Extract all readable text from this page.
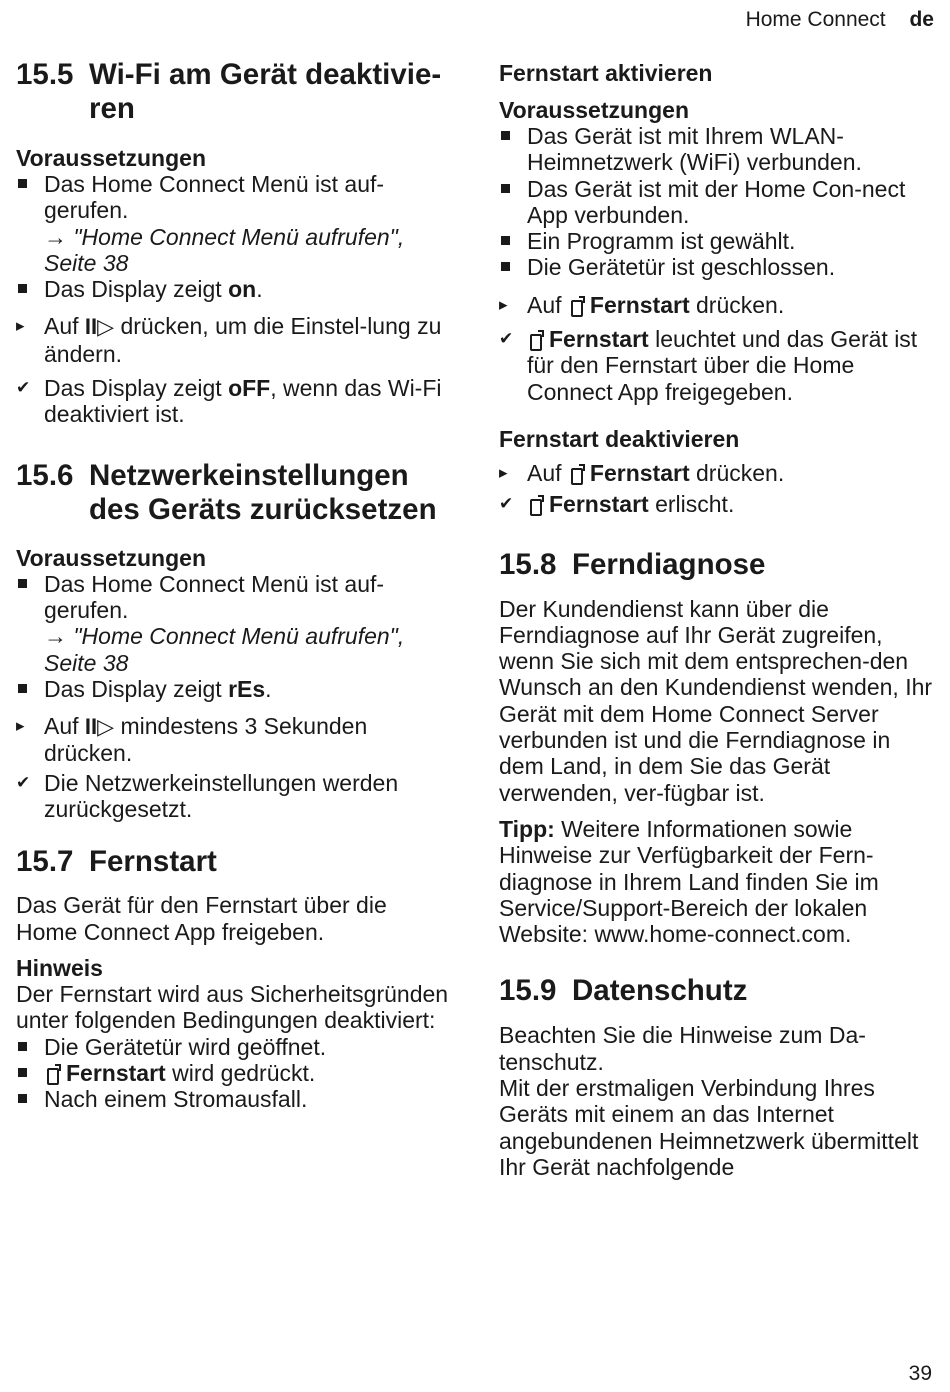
Home Connect de
15.5 Wi-Fi am Gerät deaktivie-ren
Voraussetzungen
Das Home Connect Menü ist auf-gerufen.
→ "Home Connect Menü aufrufen", Seite 38
Das Display zeigt on.
▸ Auf II▷ drücken, um die Einstel-lung zu ändern.
✔ Das Display zeigt oFF, wenn das Wi-Fi deaktiviert ist.
15.6 Netzwerkeinstellungen des Geräts zurücksetzen
Voraussetzungen
Das Home Connect Menü ist auf-gerufen.
→ "Home Connect Menü aufrufen", Seite 38
Das Display zeigt rEs.
▸ Auf II▷ mindestens 3 Sekunden drücken.
✔ Die Netzwerkeinstellungen werden zurückgesetzt.
15.7 Fernstart

Das Gerät für den Fernstart über die Home Connect App freigeben.

Hinweis

Der Fernstart wird aus Sicherheitsgründen unter folgenden Bedingungen deaktiviert:

Die Gerätetür wird geöffnet.
Fernstart wird gedrückt.
Nach einem Stromausfall.
Fernstart aktivieren
Voraussetzungen
Das Gerät ist mit Ihrem WLAN-Heimnetzwerk (WiFi) verbunden.
Das Gerät ist mit der Home Con-nect App verbunden.
Ein Programm ist gewählt.
Die Gerätetür ist geschlossen.
▸ Auf Fernstart drücken.
✔	Fernstart leuchtet und das Gerät ist für den Fernstart über die Home Connect App freigegeben.
Fernstart deaktivieren
▸ Auf Fernstart drücken.
✔	Fernstart erlischt.
15.8 Ferndiagnose

Der Kundendienst kann über die Ferndiagnose auf Ihr Gerät zugreifen, wenn Sie sich mit dem entsprechen-den Wunsch an den Kundendienst wenden, Ihr Gerät mit dem Home Connect Server verbunden ist und die Ferndiagnose in dem Land, in dem Sie das Gerät verwenden, ver-fügbar ist.

Tipp: Weitere Informationen sowie Hinweise zur Verfügbarkeit der Fern-diagnose in Ihrem Land finden Sie im Service/Support-Bereich der lokalen Website: www.home-connect.com.

15.9 Datenschutz

Beachten Sie die Hinweise zum Da-tenschutz.

Mit der erstmaligen Verbindung Ihres Geräts mit einem an das Internet angebundenen Heimnetzwerk übermittelt Ihr Gerät nachfolgende

39
